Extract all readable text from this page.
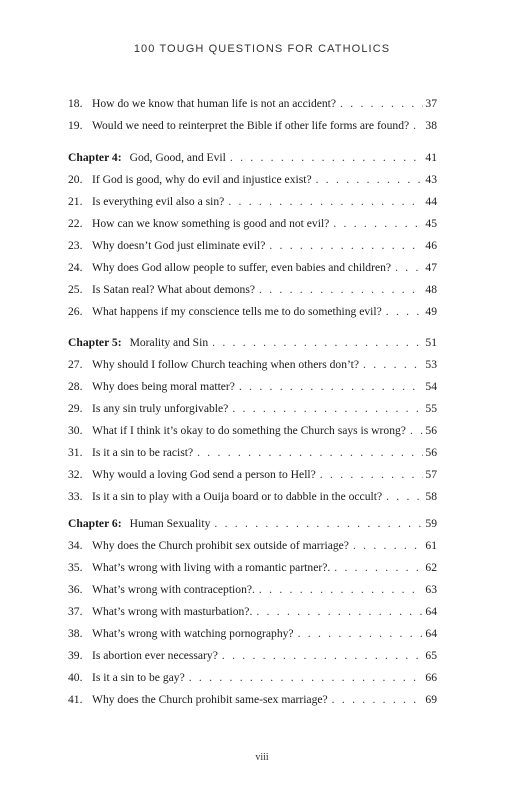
100 TOUGH QUESTIONS FOR CATHOLICS
18. How do we know that human life is not an accident? . . .	37
19. Would we need to reinterpret the Bible if other life forms are found? . . . 38
Chapter 4: God, Good, and Evil . . .	41
20. If God is good, why do evil and injustice exist? . . .	43
21. Is everything evil also a sin? . . .	44
22. How can we know something is good and not evil? . . .	45
23. Why doesn’t God just eliminate evil? . . .	46
24. Why does God allow people to suffer, even babies and children? . . .	47
25. Is Satan real? What about demons? . . .	48
26. What happens if my conscience tells me to do something evil? . . .	49
Chapter 5: Morality and Sin . . .	51
27. Why should I follow Church teaching when others don’t? . . .	53
28. Why does being moral matter? . . .	54
29. Is any sin truly unforgivable? . . .	55
30. What if I think it’s okay to do something the Church says is wrong? . . . 56
31. Is it a sin to be racist? . . .	56
32. Why would a loving God send a person to Hell? . . .	57
33. Is it a sin to play with a Ouija board or to dabble in the occult? . . .	58
Chapter 6: Human Sexuality . . .	59
34. Why does the Church prohibit sex outside of marriage? . . .	61
35. What’s wrong with living with a romantic partner?. . . .	62
36. What’s wrong with contraception?. . . .	63
37. What’s wrong with masturbation?. . . .	64
38. What’s wrong with watching pornography? . . .	64
39. Is abortion ever necessary? . . .	65
40. Is it a sin to be gay? . . .	66
41. Why does the Church prohibit same-sex marriage? . . .	69
viii
